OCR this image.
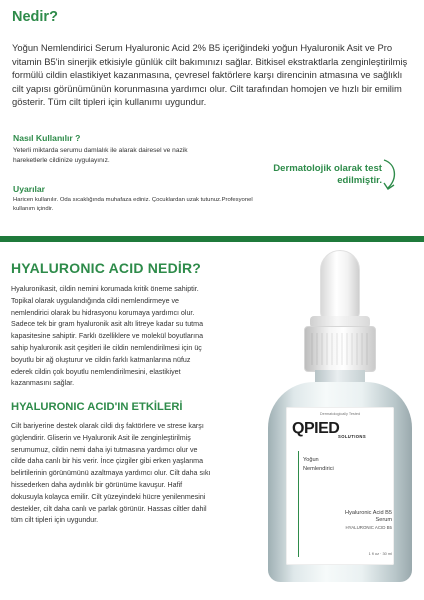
Nedir?
Yoğun Nemlendirici Serum Hyaluronic Acid 2% B5 içeriğindeki yoğun Hyaluronik Asit ve Pro vitamin B5'in sinerjik etkisiyle günlük cilt bakımınızı sağlar. Bitkisel ekstraktlarla zenginleştirilmiş formülü cildin elastikiyet kazanmasına, çevresel faktörlere karşı direncinin atmasına ve sağlıklı cilt yapısı görünümünün korunmasına yardımcı olur. Cilt tarafından homojen ve hızlı bir emilim gösterir. Tüm cilt tipleri için kullanımı uygundur.
Nasıl Kullanılır ?
Yeterli miktarda serumu damlalık ile alarak dairesel ve nazik hareketlerle cildinize uygulayınız.
Uyarılar
Haricen kullanılır. Oda sıcaklığında muhafaza ediniz. Çocuklardan uzak tutunuz.Profesyonel kullanım içindir.
Dermatolojik olarak test edilmiştir.
HYALURONIC ACID NEDİR?
Hyaluronikasit, cildin nemini korumada kritik öneme sahiptir. Topikal olarak uygulandığında cildi nemlendirmeye ve nemlendirici olarak bu hidrasyonu korumaya yardımcı olur. Sadece tek bir gram hyaluronik asit altı litreye kadar su tutma kapasitesine sahiptir. Farklı özelliklere ve molekül boyutlarına sahip hyaluronik asit çeşitleri ile cildin nemlendirilmesi için üç boyutlu bir ağ oluşturur ve cildin farklı katmanlarına nüfuz ederek cildin çok boyutlu nemlendirilmesini, elastikiyet kazanmasını sağlar.
HYALURONIC ACID'IN ETKİLERİ
Cilt bariyerine destek olarak cildi dış faktörlere ve strese karşı güçlendirir. Gliserin ve Hyaluronik Asit ile zenginleştirilmiş serumumuz, cildin nemi daha iyi tutmasına yardımcı olur ve cilde daha canlı bir his verir. İnce çizgiler gibi erken yaşlanma belirtilerinin görünümünü azaltmaya yardımcı olur. Cilt daha sıkı hissederken daha aydınlık bir görünüme kavuşur. Hafif dokusuyla kolayca emilir. Cilt yüzeyindeki hücre yenilenmesini destekler, cilt daha canlı ve parlak görünür. Hassas ciltler dahil tüm cilt tipleri için uygundur.
Dermatologically Tested
QPIED
SOLUTIONS
Yoğun
Nemlendirici
Hyaluronic Acid B5
Serum
HYALURONIC ACID B5
1 fl oz · 30 ml
